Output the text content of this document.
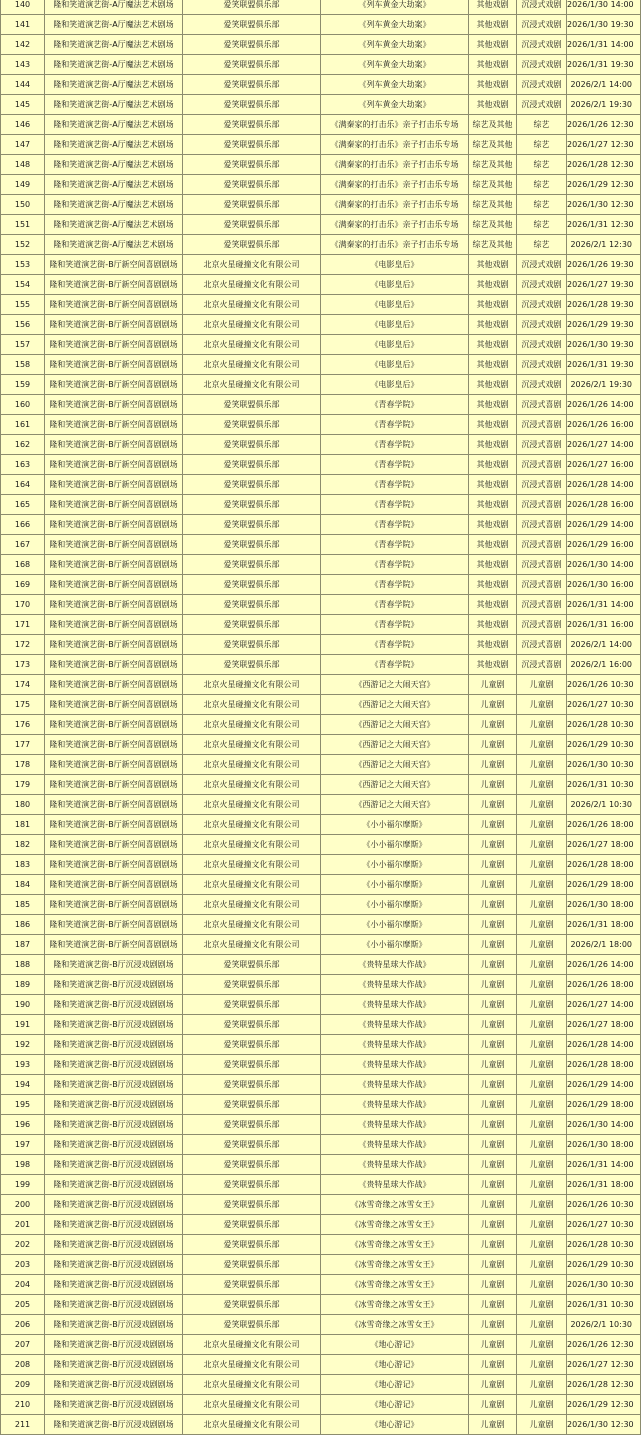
140	隆和笑道演艺街-A厅魔法艺术剧场	爱笑联盟俱乐部	《列车黄金大劫案》	其他戏剧	沉浸式戏剧	2026/1/30 14:00
141	隆和笑道演艺街-A厅魔法艺术剧场	爱笑联盟俱乐部	《列车黄金大劫案》	其他戏剧	沉浸式戏剧	2026/1/30 19:30
142	隆和笑道演艺街-A厅魔法艺术剧场	爱笑联盟俱乐部	《列车黄金大劫案》	其他戏剧	沉浸式戏剧	2026/1/31 14:00
143	隆和笑道演艺街-A厅魔法艺术剧场	爱笑联盟俱乐部	《列车黄金大劫案》	其他戏剧	沉浸式戏剧	2026/1/31 19:30
144	隆和笑道演艺街-A厅魔法艺术剧场	爱笑联盟俱乐部	《列车黄金大劫案》	其他戏剧	沉浸式戏剧	2026/2/1 14:00
145	隆和笑道演艺街-A厅魔法艺术剧场	爱笑联盟俱乐部	《列车黄金大劫案》	其他戏剧	沉浸式戏剧	2026/2/1 19:30
146	隆和笑道演艺街-A厅魔法艺术剧场	爱笑联盟俱乐部	《满秦家的打击乐》亲子打击乐专场	综艺及其他	综艺	2026/1/26 12:30
147	隆和笑道演艺街-A厅魔法艺术剧场	爱笑联盟俱乐部	《满秦家的打击乐》亲子打击乐专场	综艺及其他	综艺	2026/1/27 12:30
148	隆和笑道演艺街-A厅魔法艺术剧场	爱笑联盟俱乐部	《满秦家的打击乐》亲子打击乐专场	综艺及其他	综艺	2026/1/28 12:30
149	隆和笑道演艺街-A厅魔法艺术剧场	爱笑联盟俱乐部	《满秦家的打击乐》亲子打击乐专场	综艺及其他	综艺	2026/1/29 12:30
150	隆和笑道演艺街-A厅魔法艺术剧场	爱笑联盟俱乐部	《满秦家的打击乐》亲子打击乐专场	综艺及其他	综艺	2026/1/30 12:30
151	隆和笑道演艺街-A厅魔法艺术剧场	爱笑联盟俱乐部	《满秦家的打击乐》亲子打击乐专场	综艺及其他	综艺	2026/1/31 12:30
152	隆和笑道演艺街-A厅魔法艺术剧场	爱笑联盟俱乐部	《满秦家的打击乐》亲子打击乐专场	综艺及其他	综艺	2026/2/1 12:30
153	隆和笑道演艺街-B厅新空间喜剧剧场	北京火星碰撞文化有限公司	《电影皇后》	其他戏剧	沉浸式戏剧	2026/1/26 19:30
154	隆和笑道演艺街-B厅新空间喜剧剧场	北京火星碰撞文化有限公司	《电影皇后》	其他戏剧	沉浸式戏剧	2026/1/27 19:30
155	隆和笑道演艺街-B厅新空间喜剧剧场	北京火星碰撞文化有限公司	《电影皇后》	其他戏剧	沉浸式戏剧	2026/1/28 19:30
156	隆和笑道演艺街-B厅新空间喜剧剧场	北京火星碰撞文化有限公司	《电影皇后》	其他戏剧	沉浸式戏剧	2026/1/29 19:30
157	隆和笑道演艺街-B厅新空间喜剧剧场	北京火星碰撞文化有限公司	《电影皇后》	其他戏剧	沉浸式戏剧	2026/1/30 19:30
158	隆和笑道演艺街-B厅新空间喜剧剧场	北京火星碰撞文化有限公司	《电影皇后》	其他戏剧	沉浸式戏剧	2026/1/31 19:30
159	隆和笑道演艺街-B厅新空间喜剧剧场	北京火星碰撞文化有限公司	《电影皇后》	其他戏剧	沉浸式戏剧	2026/2/1 19:30
160	隆和笑道演艺街-B厅新空间喜剧剧场	爱笑联盟俱乐部	《青春学院》	其他戏剧	沉浸式喜剧	2026/1/26 14:00
161	隆和笑道演艺街-B厅新空间喜剧剧场	爱笑联盟俱乐部	《青春学院》	其他戏剧	沉浸式喜剧	2026/1/26 16:00
162	隆和笑道演艺街-B厅新空间喜剧剧场	爱笑联盟俱乐部	《青春学院》	其他戏剧	沉浸式喜剧	2026/1/27 14:00
163	隆和笑道演艺街-B厅新空间喜剧剧场	爱笑联盟俱乐部	《青春学院》	其他戏剧	沉浸式喜剧	2026/1/27 16:00
164	隆和笑道演艺街-B厅新空间喜剧剧场	爱笑联盟俱乐部	《青春学院》	其他戏剧	沉浸式喜剧	2026/1/28 14:00
165	隆和笑道演艺街-B厅新空间喜剧剧场	爱笑联盟俱乐部	《青春学院》	其他戏剧	沉浸式喜剧	2026/1/28 16:00
166	隆和笑道演艺街-B厅新空间喜剧剧场	爱笑联盟俱乐部	《青春学院》	其他戏剧	沉浸式喜剧	2026/1/29 14:00
167	隆和笑道演艺街-B厅新空间喜剧剧场	爱笑联盟俱乐部	《青春学院》	其他戏剧	沉浸式喜剧	2026/1/29 16:00
168	隆和笑道演艺街-B厅新空间喜剧剧场	爱笑联盟俱乐部	《青春学院》	其他戏剧	沉浸式喜剧	2026/1/30 14:00
169	隆和笑道演艺街-B厅新空间喜剧剧场	爱笑联盟俱乐部	《青春学院》	其他戏剧	沉浸式喜剧	2026/1/30 16:00
170	隆和笑道演艺街-B厅新空间喜剧剧场	爱笑联盟俱乐部	《青春学院》	其他戏剧	沉浸式喜剧	2026/1/31 14:00
171	隆和笑道演艺街-B厅新空间喜剧剧场	爱笑联盟俱乐部	《青春学院》	其他戏剧	沉浸式喜剧	2026/1/31 16:00
172	隆和笑道演艺街-B厅新空间喜剧剧场	爱笑联盟俱乐部	《青春学院》	其他戏剧	沉浸式喜剧	2026/2/1 14:00
173	隆和笑道演艺街-B厅新空间喜剧剧场	爱笑联盟俱乐部	《青春学院》	其他戏剧	沉浸式喜剧	2026/2/1 16:00
174	隆和笑道演艺街-B厅新空间喜剧剧场	北京火星碰撞文化有限公司	《西游记之大闹天宫》	儿童剧	儿童剧	2026/1/26 10:30
175	隆和笑道演艺街-B厅新空间喜剧剧场	北京火星碰撞文化有限公司	《西游记之大闹天宫》	儿童剧	儿童剧	2026/1/27 10:30
176	隆和笑道演艺街-B厅新空间喜剧剧场	北京火星碰撞文化有限公司	《西游记之大闹天宫》	儿童剧	儿童剧	2026/1/28 10:30
177	隆和笑道演艺街-B厅新空间喜剧剧场	北京火星碰撞文化有限公司	《西游记之大闹天宫》	儿童剧	儿童剧	2026/1/29 10:30
178	隆和笑道演艺街-B厅新空间喜剧剧场	北京火星碰撞文化有限公司	《西游记之大闹天宫》	儿童剧	儿童剧	2026/1/30 10:30
179	隆和笑道演艺街-B厅新空间喜剧剧场	北京火星碰撞文化有限公司	《西游记之大闹天宫》	儿童剧	儿童剧	2026/1/31 10:30
180	隆和笑道演艺街-B厅新空间喜剧剧场	北京火星碰撞文化有限公司	《西游记之大闹天宫》	儿童剧	儿童剧	2026/2/1 10:30
181	隆和笑道演艺街-B厅新空间喜剧剧场	北京火星碰撞文化有限公司	《小小福尔摩斯》	儿童剧	儿童剧	2026/1/26 18:00
182	隆和笑道演艺街-B厅新空间喜剧剧场	北京火星碰撞文化有限公司	《小小福尔摩斯》	儿童剧	儿童剧	2026/1/27 18:00
183	隆和笑道演艺街-B厅新空间喜剧剧场	北京火星碰撞文化有限公司	《小小福尔摩斯》	儿童剧	儿童剧	2026/1/28 18:00
184	隆和笑道演艺街-B厅新空间喜剧剧场	北京火星碰撞文化有限公司	《小小福尔摩斯》	儿童剧	儿童剧	2026/1/29 18:00
185	隆和笑道演艺街-B厅新空间喜剧剧场	北京火星碰撞文化有限公司	《小小福尔摩斯》	儿童剧	儿童剧	2026/1/30 18:00
186	隆和笑道演艺街-B厅新空间喜剧剧场	北京火星碰撞文化有限公司	《小小福尔摩斯》	儿童剧	儿童剧	2026/1/31 18:00
187	隆和笑道演艺街-B厅新空间喜剧剧场	北京火星碰撞文化有限公司	《小小福尔摩斯》	儿童剧	儿童剧	2026/2/1 18:00
188	隆和笑道演艺街-B厅沉浸戏剧剧场	爱笑联盟俱乐部	《贵特星球大作战》	儿童剧	儿童剧	2026/1/26 14:00
189	隆和笑道演艺街-B厅沉浸戏剧剧场	爱笑联盟俱乐部	《贵特星球大作战》	儿童剧	儿童剧	2026/1/26 18:00
190	隆和笑道演艺街-B厅沉浸戏剧剧场	爱笑联盟俱乐部	《贵特星球大作战》	儿童剧	儿童剧	2026/1/27 14:00
191	隆和笑道演艺街-B厅沉浸戏剧剧场	爱笑联盟俱乐部	《贵特星球大作战》	儿童剧	儿童剧	2026/1/27 18:00
192	隆和笑道演艺街-B厅沉浸戏剧剧场	爱笑联盟俱乐部	《贵特星球大作战》	儿童剧	儿童剧	2026/1/28 14:00
193	隆和笑道演艺街-B厅沉浸戏剧剧场	爱笑联盟俱乐部	《贵特星球大作战》	儿童剧	儿童剧	2026/1/28 18:00
194	隆和笑道演艺街-B厅沉浸戏剧剧场	爱笑联盟俱乐部	《贵特星球大作战》	儿童剧	儿童剧	2026/1/29 14:00
195	隆和笑道演艺街-B厅沉浸戏剧剧场	爱笑联盟俱乐部	《贵特星球大作战》	儿童剧	儿童剧	2026/1/29 18:00
196	隆和笑道演艺街-B厅沉浸戏剧剧场	爱笑联盟俱乐部	《贵特星球大作战》	儿童剧	儿童剧	2026/1/30 14:00
197	隆和笑道演艺街-B厅沉浸戏剧剧场	爱笑联盟俱乐部	《贵特星球大作战》	儿童剧	儿童剧	2026/1/30 18:00
198	隆和笑道演艺街-B厅沉浸戏剧剧场	爱笑联盟俱乐部	《贵特星球大作战》	儿童剧	儿童剧	2026/1/31 14:00
199	隆和笑道演艺街-B厅沉浸戏剧剧场	爱笑联盟俱乐部	《贵特星球大作战》	儿童剧	儿童剧	2026/1/31 18:00
200	隆和笑道演艺街-B厅沉浸戏剧剧场	爱笑联盟俱乐部	《冰雪奇缘之冰雪女王》	儿童剧	儿童剧	2026/1/26 10:30
201	隆和笑道演艺街-B厅沉浸戏剧剧场	爱笑联盟俱乐部	《冰雪奇缘之冰雪女王》	儿童剧	儿童剧	2026/1/27 10:30
202	隆和笑道演艺街-B厅沉浸戏剧剧场	爱笑联盟俱乐部	《冰雪奇缘之冰雪女王》	儿童剧	儿童剧	2026/1/28 10:30
203	隆和笑道演艺街-B厅沉浸戏剧剧场	爱笑联盟俱乐部	《冰雪奇缘之冰雪女王》	儿童剧	儿童剧	2026/1/29 10:30
204	隆和笑道演艺街-B厅沉浸戏剧剧场	爱笑联盟俱乐部	《冰雪奇缘之冰雪女王》	儿童剧	儿童剧	2026/1/30 10:30
205	隆和笑道演艺街-B厅沉浸戏剧剧场	爱笑联盟俱乐部	《冰雪奇缘之冰雪女王》	儿童剧	儿童剧	2026/1/31 10:30
206	隆和笑道演艺街-B厅沉浸戏剧剧场	爱笑联盟俱乐部	《冰雪奇缘之冰雪女王》	儿童剧	儿童剧	2026/2/1 10:30
207	隆和笑道演艺街-B厅沉浸戏剧剧场	北京火星碰撞文化有限公司	《地心游记》	儿童剧	儿童剧	2026/1/26 12:30
208	隆和笑道演艺街-B厅沉浸戏剧剧场	北京火星碰撞文化有限公司	《地心游记》	儿童剧	儿童剧	2026/1/27 12:30
209	隆和笑道演艺街-B厅沉浸戏剧剧场	北京火星碰撞文化有限公司	《地心游记》	儿童剧	儿童剧	2026/1/28 12:30
210	隆和笑道演艺街-B厅沉浸戏剧剧场	北京火星碰撞文化有限公司	《地心游记》	儿童剧	儿童剧	2026/1/29 12:30
211	隆和笑道演艺街-B厅沉浸戏剧剧场	北京火星碰撞文化有限公司	《地心游记》	儿童剧	儿童剧	2026/1/30 12:30
